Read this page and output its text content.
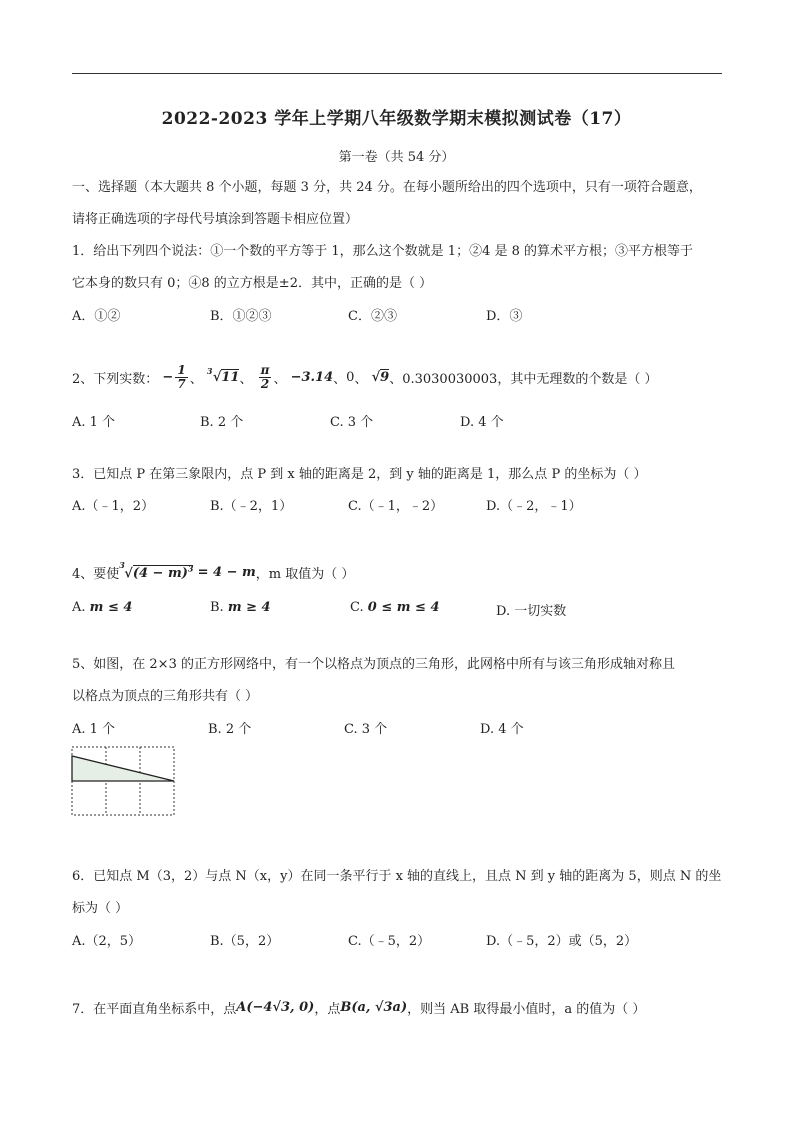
2022-2023 学年上学期八年级数学期末模拟测试卷（17）
第一卷（共 54 分）
一、选择题（本大题共 8 个小题，每题 3 分，共 24 分。在每小题所给出的四个选项中，只有一项符合题意，
请将正确选项的字母代号填涂到答题卡相应位置）
1．给出下列四个说法：①一个数的平方等于 1，那么这个数就是 1；②4 是 8 的算术平方根；③平方根等于
它本身的数只有 0；④8 的立方根是±2．其中，正确的是（ ）
A．①②	B．①②③	C．②③	D．③
2、下列实数： − $\frac{1}{7}$ 、
3 √11、 $\frac{\pi}{2}$ 、 −3.14、0、 √9、0.3030030003，其中无理数的个数是（ ）
A. 1 个	B. 2 个	C. 3 个	D. 4 个
3．已知点 P 在第三象限内，点 P 到 x 轴的距离是 2，到 y 轴的距离是 1，那么点 P 的坐标为（ ）
A.（﹣1，2）	B.（﹣2，1）	C.（﹣1，﹣2）	D.（﹣2，﹣1）
4、要使
3
$√(4 - m)^3 = 4 - m$，m 取值为（ ）
A. m ≤ 4	B. m ≥ 4	C. 0 ≤ m ≤ 4	D. 一切实数
5、如图，在 2×3 的正方形网络中，有一个以格点为顶点的三角形，此网格中所有与该三角形成轴对称且
以格点为顶点的三角形共有（ ）
A. 1 个	B. 2 个	C. 3 个	D. 4 个
6．已知点 M（3，2）与点 N（x，y）在同一条平行于 x 轴的直线上，且点 N 到 y 轴的距离为 5，则点 N 的坐
标为（ ）
A.（2，5）	B.（5，2）	C.（﹣5，2）	D.（﹣5，2）或（5，2）
7．在平面直角坐标系中，点A(−4√3, 0)，点B(a, √3a)，则当 AB 取得最小值时，a 的值为（ ）
